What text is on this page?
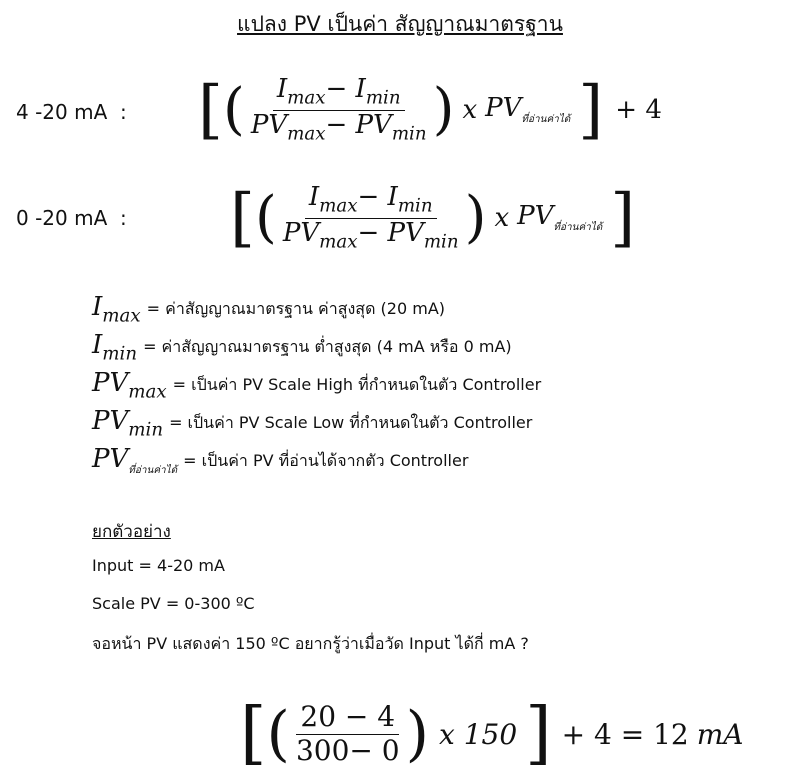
แปลง PV เป็นค่า สัญญาณมาตรฐาน
4 -20 mA : [ ( $\frac{I_{max}- I_{min}}{PV_{max}- PV_{min}}$ ) x $PV_{ที่อ่านค่าได้}$ ] + 4
0 -20 mA : [ ( $\frac{I_{max}- I_{min}}{PV_{max}- PV_{min}}$ ) x $PV_{ที่อ่านค่าได้}$ ]
$I_{max}$ = ค่าสัญญาณมาตรฐาน ค่าสูงสุด (20 mA)
$I_{min}$ = ค่าสัญญาณมาตรฐาน ต่ำสูงสุด (4 mA หรือ 0 mA)
$PV_{max}$ = เป็นค่า PV Scale High ที่กำหนดในตัว Controller
$PV_{min}$ = เป็นค่า PV Scale Low ที่กำหนดในตัว Controller
$PV_{ที่อ่านค่าได้}$
= เป็นค่า PV ที่อ่านได้จากตัว Controller
ยกตัวอย่าง
Input = 4-20 mA
Scale PV = 0-300 ºC
จอหน้า PV แสดงค่า 150 ºC อยากรู้ว่าเมื่อวัด Input ได้กี่ mA ?
[ ( $\frac{20 - 4}{300- 0}$ ) x 150 ] + 4 = 12 mA
